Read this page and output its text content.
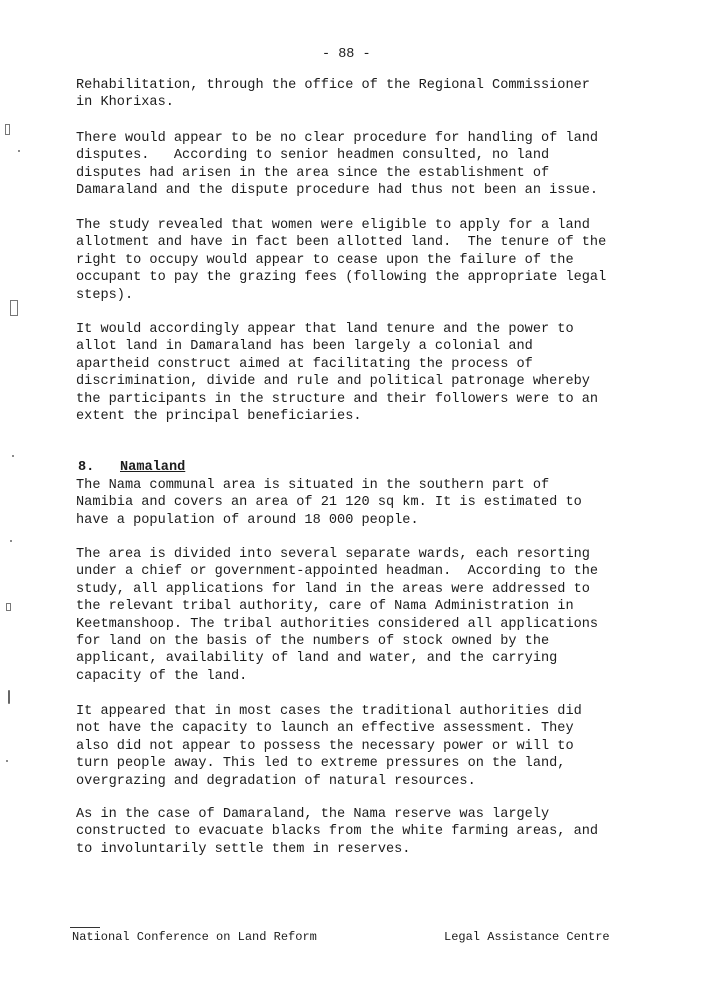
- 88 -
Rehabilitation, through the office of the Regional Commissioner
in Khorixas.
There would appear to be no clear procedure for handling of land
disputes.   According to senior headmen consulted, no land
disputes had arisen in the area since the establishment of
Damaraland and the dispute procedure had thus not been an issue.
The study revealed that women were eligible to apply for a land
allotment and have in fact been allotted land.  The tenure of the
right to occupy would appear to cease upon the failure of the
occupant to pay the grazing fees (following the appropriate legal
steps).
It would accordingly appear that land tenure and the power to
allot land in Damaraland has been largely a colonial and
apartheid construct aimed at facilitating the process of
discrimination, divide and rule and political patronage whereby
the participants in the structure and their followers were to an
extent the principal beneficiaries.
8. Namaland
The Nama communal area is situated in the southern part of
Namibia and covers an area of 21 120 sq km. It is estimated to
have a population of around 18 000 people.
The area is divided into several separate wards, each resorting
under a chief or government-appointed headman.  According to the
study, all applications for land in the areas were addressed to
the relevant tribal authority, care of Nama Administration in
Keetmanshoop. The tribal authorities considered all applications
for land on the basis of the numbers of stock owned by the
applicant, availability of land and water, and the carrying
capacity of the land.
It appeared that in most cases the traditional authorities did
not have the capacity to launch an effective assessment. They
also did not appear to possess the necessary power or will to
turn people away. This led to extreme pressures on the land,
overgrazing and degradation of natural resources.
As in the case of Damaraland, the Nama reserve was largely
constructed to evacuate blacks from the white farming areas, and
to involuntarily settle them in reserves.
National Conference on Land Reform	Legal Assistance Centre
